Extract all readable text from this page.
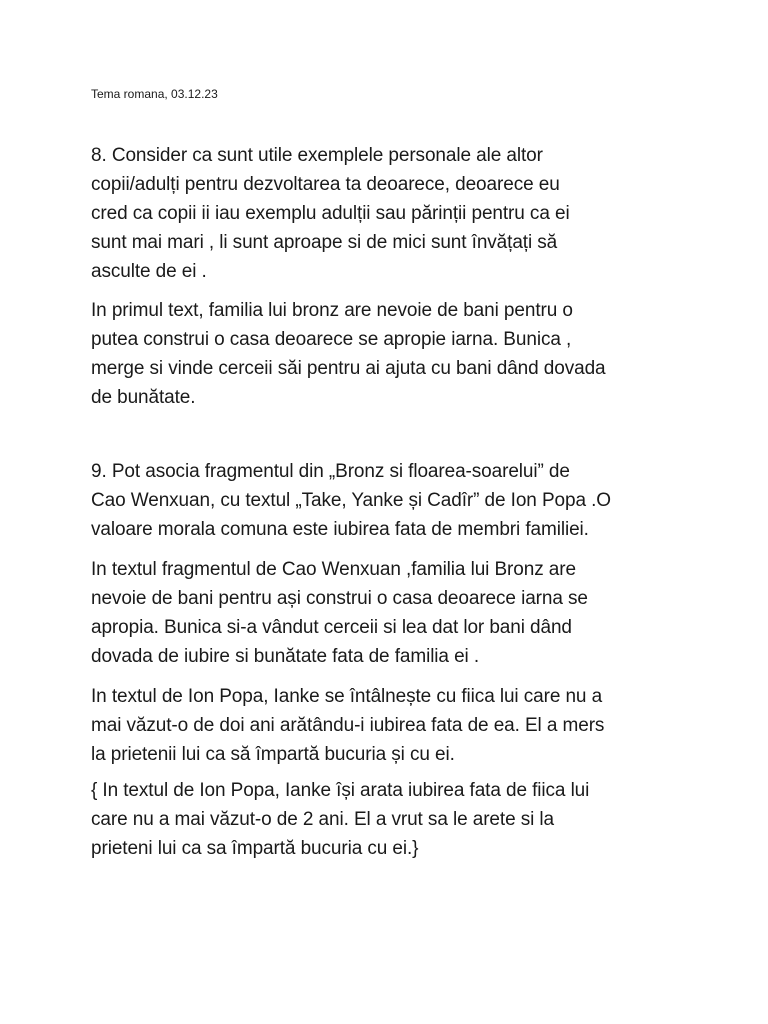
Tema romana, 03.12.23
8. Consider ca sunt utile exemplele personale ale altor
copii/adulți pentru dezvoltarea ta deoarece, deoarece eu
cred ca copii ii iau exemplu adulții sau părinții pentru ca ei
sunt mai mari , li sunt aproape si de mici sunt învățați să
asculte de ei .
In primul text, familia lui bronz are nevoie de bani pentru o
putea construi o casa deoarece se apropie iarna. Bunica ,
merge si vinde cerceii săi pentru ai ajuta cu bani dând dovada
de bunătate.
9. Pot asocia fragmentul din „Bronz si floarea-soarelui” de
Cao Wenxuan, cu textul „Take, Yanke și Cadîr” de Ion Popa .O
valoare morala comuna este iubirea fata de membri familiei.
In textul fragmentul de Cao Wenxuan ,familia lui Bronz are
nevoie de bani pentru ași construi o casa deoarece iarna se
apropia. Bunica si-a vândut cerceii si lea dat lor bani dând
dovada de iubire si bunătate fata de familia ei .
In textul de Ion Popa, Ianke se întâlnește cu fiica lui care nu a
mai văzut-o de doi ani arătându-i iubirea fata de ea. El a mers
la prietenii lui ca să împartă bucuria și cu ei.
{ In textul de Ion Popa, Ianke își arata iubirea fata de fiica lui
care nu a mai văzut-o de 2 ani. El a vrut sa le arete si la
prieteni lui ca sa împartă bucuria cu ei.}
